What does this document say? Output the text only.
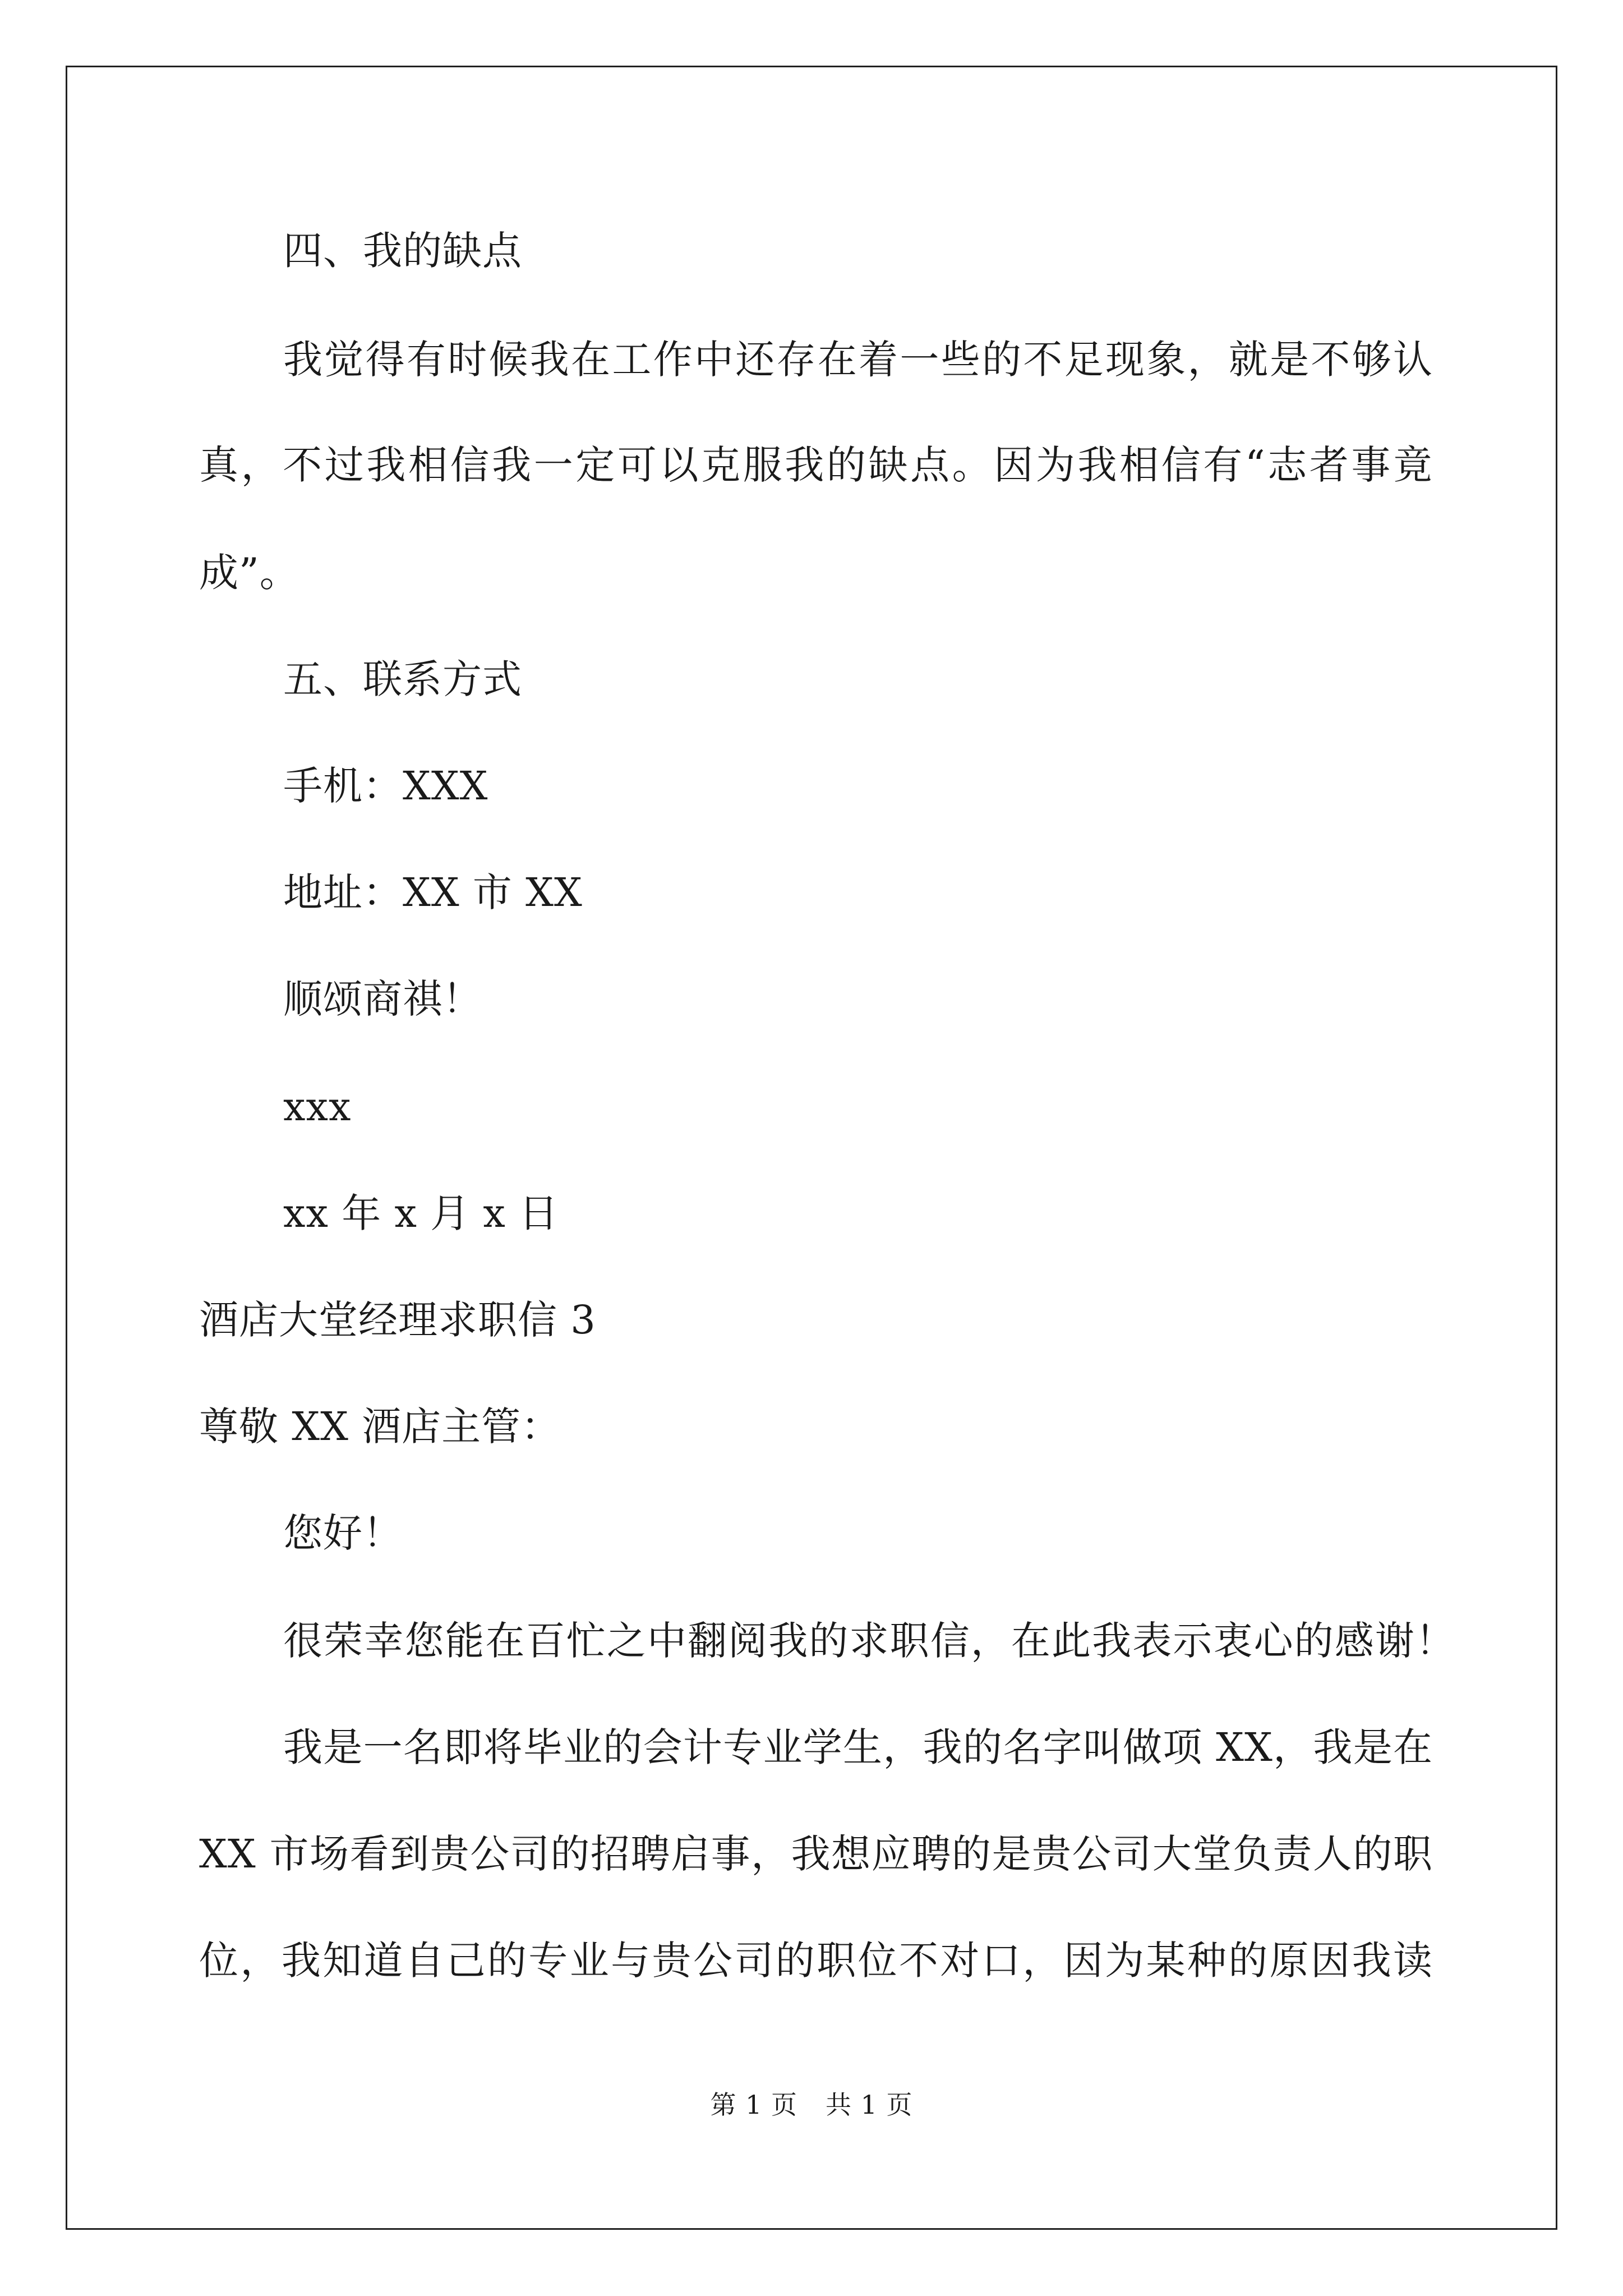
四、我的缺点
我觉得有时候我在工作中还存在着一些的不足现象，就是不够认
真，不过我相信我一定可以克服我的缺点。因为我相信有“志者事竟
成”。
五、联系方式
手机：XXX
地址：XX 市 XX
顺颂商祺！
xxx
xx 年 x 月 x 日
酒店大堂经理求职信 3
尊敬 XX 酒店主管：
您好！
很荣幸您能在百忙之中翻阅我的求职信，在此我表示衷心的感谢！
我是一名即将毕业的会计专业学生，我的名字叫做项 XX，我是在
XX 市场看到贵公司的招聘启事，我想应聘的是贵公司大堂负责人的职
位，我知道自己的专业与贵公司的职位不对口，因为某种的原因我读
第 1 页 共 1 页
